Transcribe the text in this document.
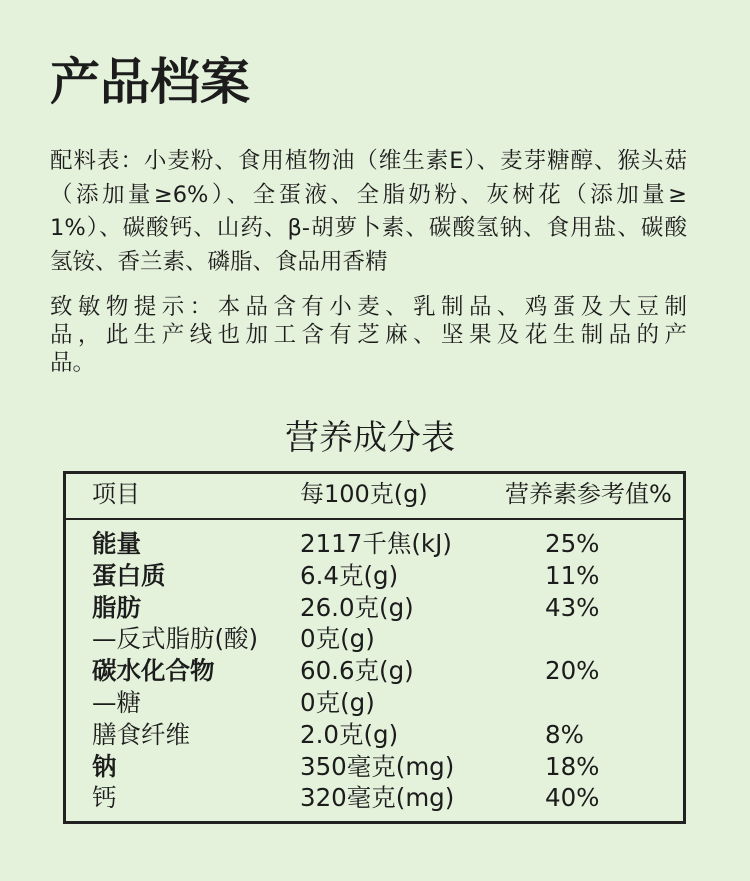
产品档案
配料表：小麦粉、食用植物油（维生素E）、麦芽糖醇、猴头菇
（添加量≥6%）、全蛋液、全脂奶粉、灰树花（添加量≥
1%）、碳酸钙、山药、β-胡萝卜素、碳酸氢钠、食用盐、碳酸
氢铵、香兰素、磷脂、食品用香精
致敏物提示：本品含有小麦、乳制品、鸡蛋及大豆制
品，此生产线也加工含有芝麻、坚果及花生制品的产
品。
营养成分表
项目	每100克(g)	营养素参考值%
能量	2117千焦(kJ)	25%
蛋白质	6.4克(g)	11%
脂肪	26.0克(g)	43%
—反式脂肪(酸)	0克(g)
碳水化合物	60.6克(g)	20%
—糖	0克(g)
膳食纤维	2.0克(g)	8%
钠	350毫克(mg)	18%
钙	320毫克(mg)	40%
